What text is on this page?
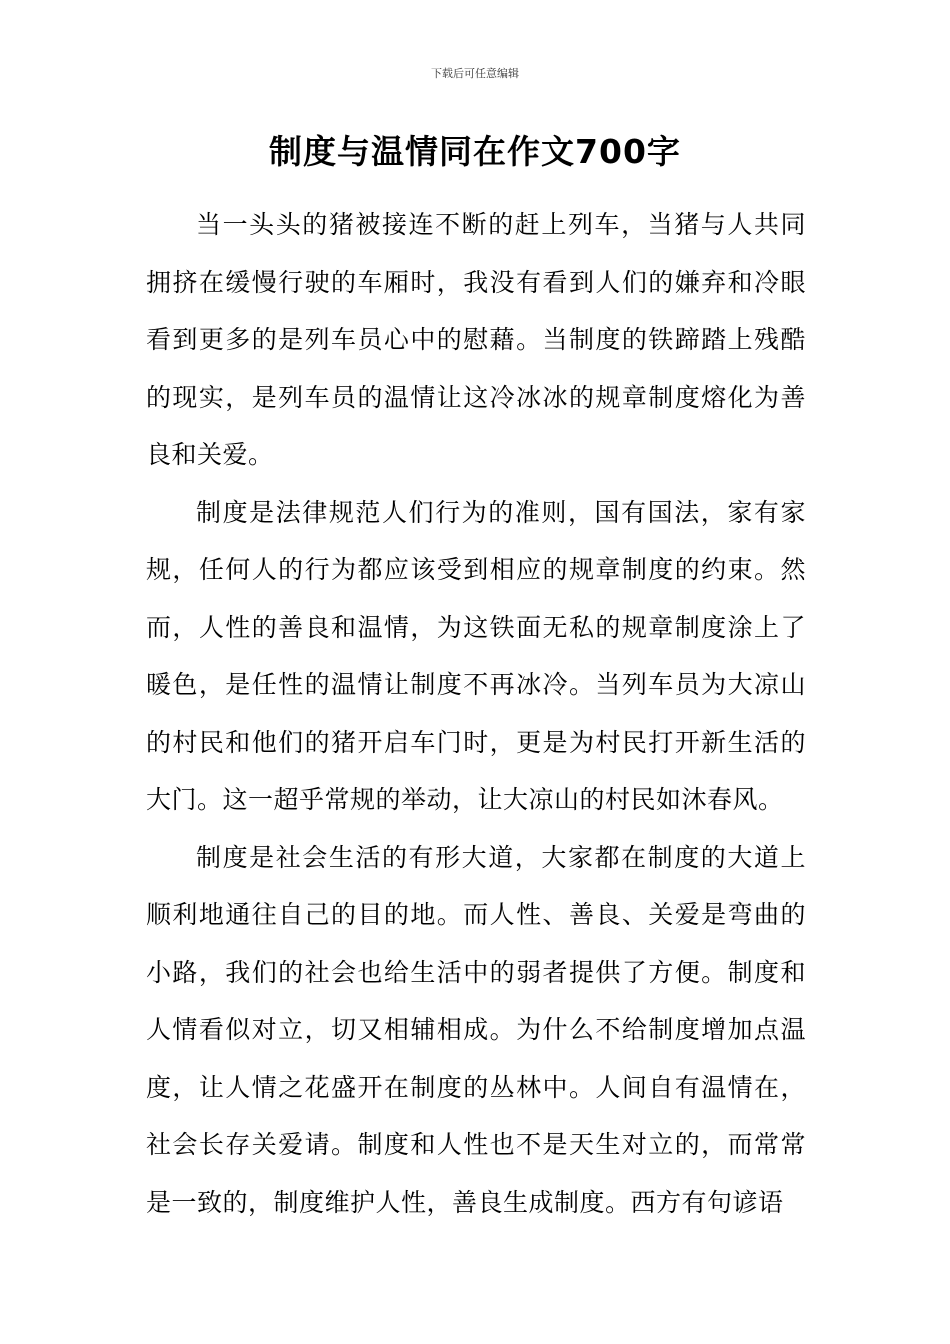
下载后可任意编辑
制度与温情同在作文700字

当一头头的猪被接连不断的赶上列车，当猪与人共同拥挤在缓慢行驶的车厢时，我没有看到人们的嫌弃和冷眼看到更多的是列车员心中的慰藉。当制度的铁蹄踏上残酷的现实，是列车员的温情让这冷冰冰的规章制度熔化为善良和关爱。

制度是法律规范人们行为的准则，国有国法，家有家规，任何人的行为都应该受到相应的规章制度的约束。然而，人性的善良和温情，为这铁面无私的规章制度涂上了暖色，是任性的温情让制度不再冰冷。当列车员为大凉山的村民和他们的猪开启车门时，更是为村民打开新生活的大门。这一超乎常规的举动，让大凉山的村民如沐春风。

制度是社会生活的有形大道，大家都在制度的大道上顺利地通往自己的目的地。而人性、善良、关爱是弯曲的小路，我们的社会也给生活中的弱者提供了方便。制度和人情看似对立，切又相辅相成。为什么不给制度增加点温度，让人情之花盛开在制度的丛林中。人间自有温情在，社会长存关爱请。制度和人性也不是天生对立的，而常常是一致的，制度维护人性，善良生成制度。西方有句谚语
